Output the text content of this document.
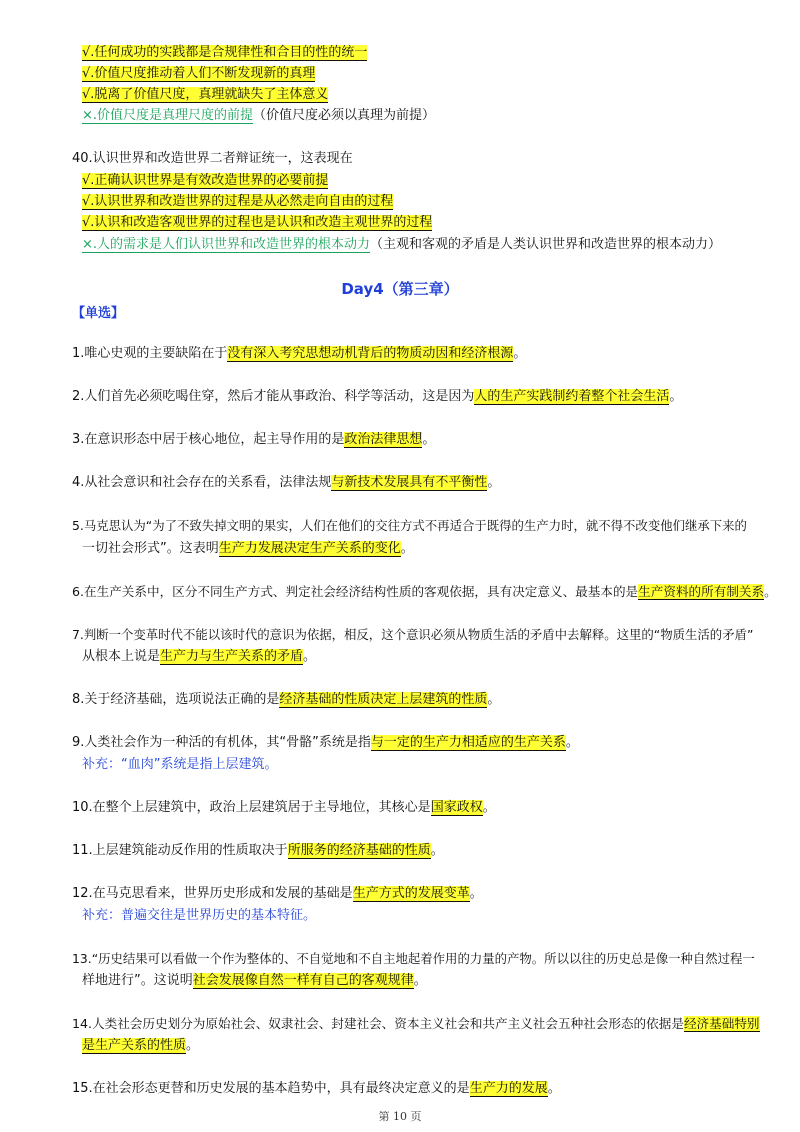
√.任何成功的实践都是合规律性和合目的性的统一
√.价值尺度推动着人们不断发现新的真理
√.脱离了价值尺度，真理就缺失了主体意义
×.价值尺度是真理尺度的前提（价值尺度必须以真理为前提）
40.认识世界和改造世界二者辩证统一，这表现在
√.正确认识世界是有效改造世界的必要前提
√.认识世界和改造世界的过程是从必然走向自由的过程
√.认识和改造客观世界的过程也是认识和改造主观世界的过程
×.人的需求是人们认识世界和改造世界的根本动力（主观和客观的矛盾是人类认识世界和改造世界的根本动力）
Day4（第三章）
【单选】
1.唯心史观的主要缺陷在于没有深入考究思想动机背后的物质动因和经济根源。
2.人们首先必须吃喝住穿，然后才能从事政治、科学等活动，这是因为人的生产实践制约着整个社会生活。
3.在意识形态中居于核心地位，起主导作用的是政治法律思想。
4.从社会意识和社会存在的关系看，法律法规与新技术发展具有不平衡性。
5.马克思认为“为了不致失掉文明的果实，人们在他们的交往方式不再适合于既得的生产力时，就不得不改变他们继承下来的
一切社会形式”。这表明生产力发展决定生产关系的变化。
6.在生产关系中，区分不同生产方式、判定社会经济结构性质的客观依据，具有决定意义、最基本的是生产资料的所有制关系。
7.判断一个变革时代不能以该时代的意识为依据，相反，这个意识必须从物质生活的矛盾中去解释。这里的“物质生活的矛盾”
从根本上说是生产力与生产关系的矛盾。
8.关于经济基础，选项说法正确的是经济基础的性质决定上层建筑的性质。
9.人类社会作为一种活的有机体，其“骨骼”系统是指与一定的生产力相适应的生产关系。
补充：“血肉”系统是指上层建筑。
10.在整个上层建筑中，政治上层建筑居于主导地位，其核心是国家政权。
11.上层建筑能动反作用的性质取决于所服务的经济基础的性质。
12.在马克思看来，世界历史形成和发展的基础是生产方式的发展变革。
补充：普遍交往是世界历史的基本特征。
13.“历史结果可以看做一个作为整体的、不自觉地和不自主地起着作用的力量的产物。所以以往的历史总是像一种自然过程一
样地进行”。这说明社会发展像自然一样有自己的客观规律。
14.人类社会历史划分为原始社会、奴隶社会、封建社会、资本主义社会和共产主义社会五种社会形态的依据是经济基础特别
是生产关系的性质。
15.在社会形态更替和历史发展的基本趋势中，具有最终决定意义的是生产力的发展。
第 10 页
